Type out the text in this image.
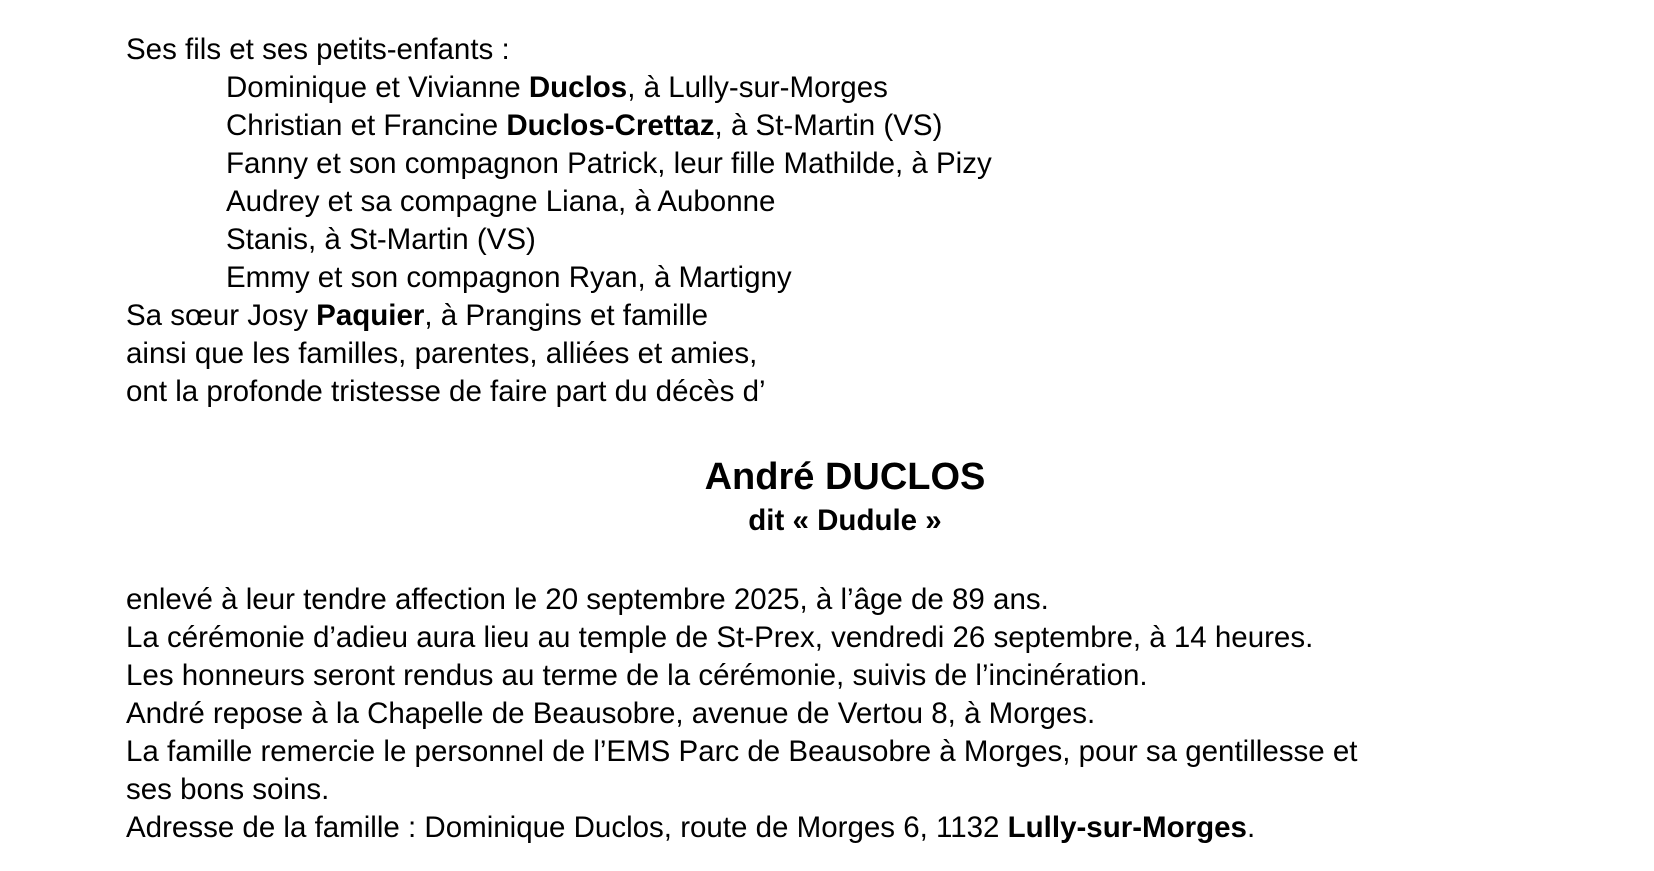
Ses fils et ses petits-enfants :
Dominique et Vivianne Duclos, à Lully-sur-Morges
Christian et Francine Duclos-Crettaz, à St-Martin (VS)
Fanny et son compagnon Patrick, leur fille Mathilde, à Pizy
Audrey et sa compagne Liana, à Aubonne
Stanis, à St-Martin (VS)
Emmy et son compagnon Ryan, à Martigny
Sa sœur Josy Paquier, à Prangins et famille
ainsi que les familles, parentes, alliées et amies,
ont la profonde tristesse de faire part du décès d’
André DUCLOS
dit « Dudule »
enlevé à leur tendre affection le 20 septembre 2025, à l’âge de 89 ans.
La cérémonie d’adieu aura lieu au temple de St-Prex, vendredi 26 septembre, à 14 heures.
Les honneurs seront rendus au terme de la cérémonie, suivis de l’incinération.
André repose à la Chapelle de Beausobre, avenue de Vertou 8, à Morges.
La famille remercie le personnel de l’EMS Parc de Beausobre à Morges, pour sa gentillesse et
ses bons soins.
Adresse de la famille : Dominique Duclos, route de Morges 6, 1132 Lully-sur-Morges.
